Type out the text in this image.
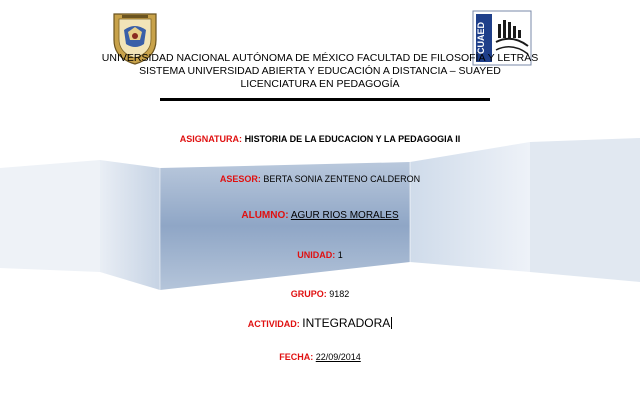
CUAED
UNIVERSIDAD NACIONAL AUTÓNOMA DE MÉXICO FACULTAD DE FILOSOFÍA Y LETRAS SISTEMA UNIVERSIDAD ABIERTA Y EDUCACIÓN A DISTANCIA – SUAYED LICENCIATURA EN PEDAGOGÍA
ASIGNATURA: HISTORIA DE LA EDUCACION Y LA PEDAGOGIA II
ASESOR: BERTA SONIA ZENTENO CALDERON
ALUMNO: AGUR RIOS MORALES
UNIDAD: 1
GRUPO: 9182
ACTIVIDAD: INTEGRADORA
FECHA: 22/09/2014
